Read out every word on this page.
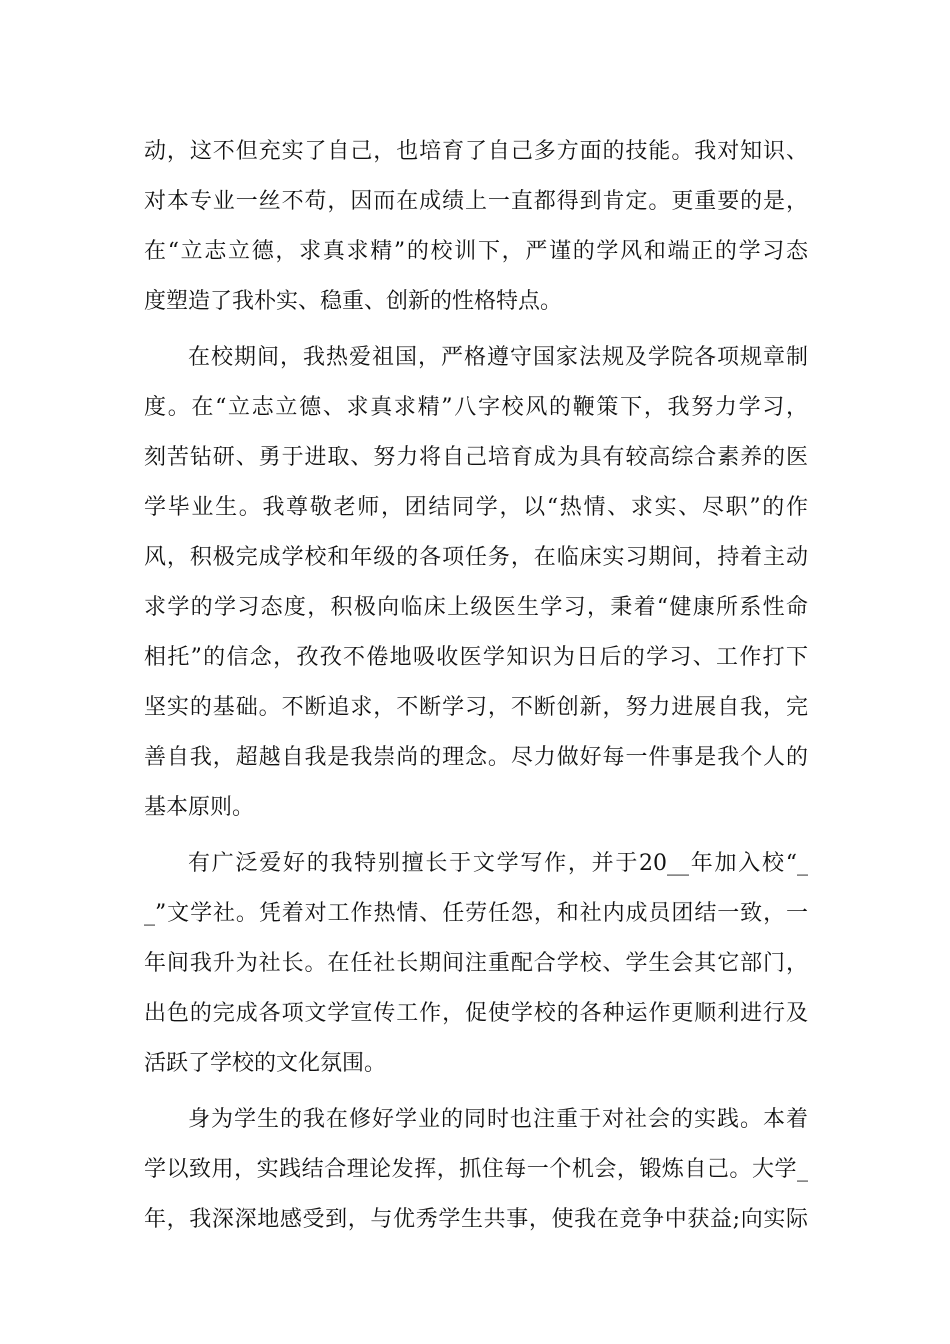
动，这不但充实了自己，也培育了自己多方面的技能。我对知识、
对本专业一丝不苟，因而在成绩上一直都得到肯定。更重要的是，
在“立志立德，求真求精”的校训下，严谨的学风和端正的学习态
度塑造了我朴实、稳重、创新的性格特点。
在校期间，我热爱祖国，严格遵守国家法规及学院各项规章制
度。在“立志立德、求真求精”八字校风的鞭策下，我努力学习，
刻苦钻研、勇于进取、努力将自己培育成为具有较高综合素养的医
学毕业生。我尊敬老师，团结同学，以“热情、求实、尽职”的作
风，积极完成学校和年级的各项任务，在临床实习期间，持着主动
求学的学习态度，积极向临床上级医生学习，秉着“健康所系性命
相托”的信念，孜孜不倦地吸收医学知识为日后的学习、工作打下
坚实的基础。不断追求，不断学习，不断创新，努力进展自我，完
善自我，超越自我是我崇尚的理念。尽力做好每一件事是我个人的
基本原则。
有广泛爱好的我特别擅长于文学写作，并于20__年加入校“_
_”文学社。凭着对工作热情、任劳任怨，和社内成员团结一致，一
年间我升为社长。在任社长期间注重配合学校、学生会其它部门，
出色的完成各项文学宣传工作，促使学校的各种运作更顺利进行及
活跃了学校的文化氛围。
身为学生的我在修好学业的同时也注重于对社会的实践。本着
学以致用，实践结合理论发挥，抓住每一个机会，锻炼自己。大学_
年，我深深地感受到，与优秀学生共事，使我在竞争中获益;向实际
